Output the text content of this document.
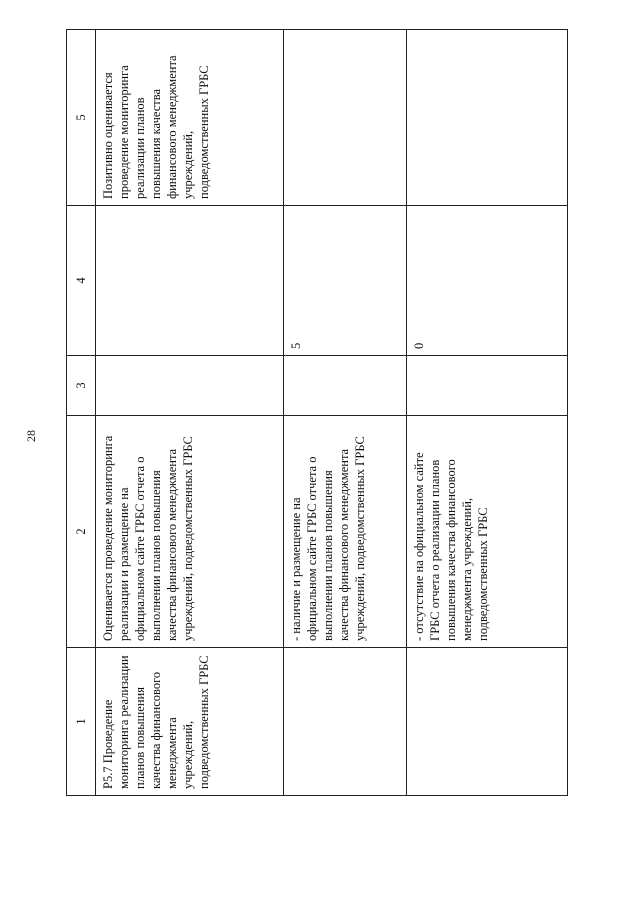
28
1	2	3	4	5
Р5.7 Проведение мониторинга реализации планов повышения качества финансового менеджмента учреждений, подведомственных ГРБС	Оценивается проведение мониторинга реализации и размещение на официальном сайте ГРБС отчета о выполнении планов повышения качества финансового менеджмента учреждений, подведомственных ГРБС			Позитивно оценивается проведение мониторинга реализации планов повышения качества финансового менеджмента учреждений, подведомственных ГРБС
	- наличие и размещение на официальном сайте ГРБС отчета о выполнении планов повышения качества финансового менеджмента учреждений, подведомственных ГРБС		5	
	- отсутствие на официальном сайте ГРБС отчета о реализации планов повышения качества финансового менеджмента учреждений, подведомственных ГРБС		0	
